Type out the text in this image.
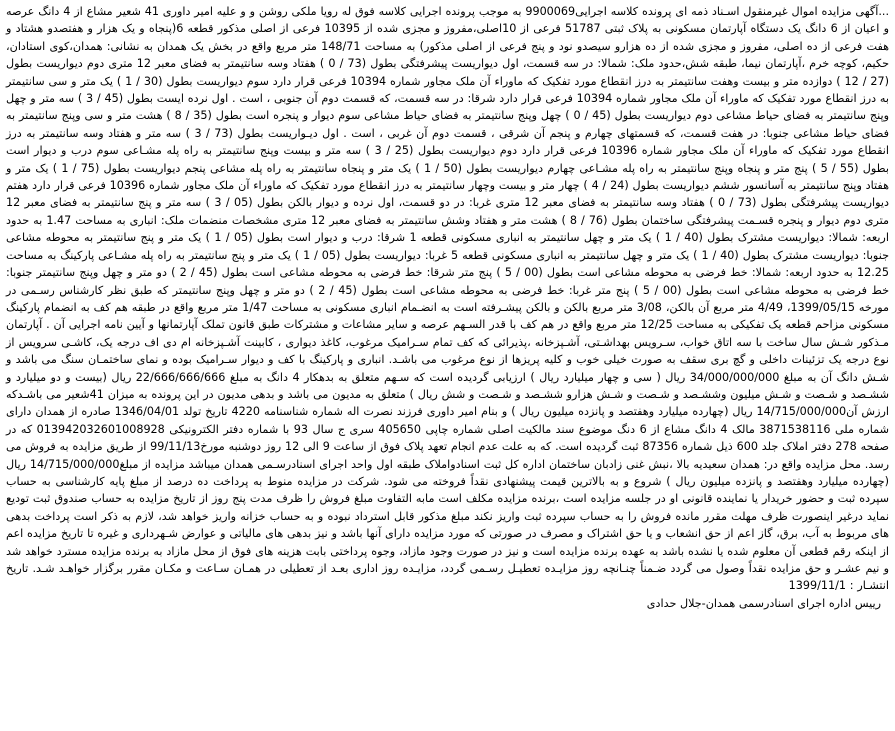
...آگهی مزایده اموال غیرمنقول اسـناد ذمه ای پرونده کلاسه اجرایی9900069 به موجب پرونده اجرایی کلاسه فوق له رویا ملکی روشن و و علیه امیر داوری 41 شعیر مشاع از 4 دانگ عرصه و اعیان از 6 دانگ یک دستگاه آپارتمان مسکونی به پلاک ثبتی 51787 فرعی از 10اصلی،مفروز و مجزی شده از 10395 فرعی از اصلی مذکور قطعه 6(پنجاه و یک هزار و هفتصدو هشتاد و هفت فرعی از ده اصلی، مفروز و مجزی شده از ده هزارو سیصدو نود و پنج فرعی از اصلی مذکور) به مساحت 148/71 متر مربع واقع در بخش یک همدان به نشانی: همدان،کوی استادان، حکیم، کوچه خرم ،آپارتمان نیما، طبقه شش،حدود ملک: شمالا: در سه قسمت، اول دیواریست پیشرفتگی بطول (73 / 0 ) هفتاد وسه سانتیمتر به فضای معبر 12 متری دوم دیواریست بطول (27 / 12 ) دوازده متر و بیست وهفت سانتیمتر به درز انقطاع مورد تفکیک که ماوراء آن ملک مجاور شماره 10394 فرعی قرار دارد سوم دیواریست بطول (30 / 1 ) یک متر و سی سانتیمتر به درز انقطاع مورد تفکیک که ماوراء آن ملک مجاور شماره 10394 فرعی قرار دارد شرقا: در سه قسمت، که قسمت دوم آن جنوبی ، است . اول نرده ایست بطول (45 / 3 ) سه متر و چهل وپنج سانتیمتر به فضای حیاط مشاعی دوم دیواریست بطول (45 / 0 ) چهل وپنج سانتیمتر به فضای حیاط مشاعی سوم دیوار و پنجره است بطول (35 / 8 ) هشت متر و سی وپنج سانتیمتر به فضای حیاط مشاعی جنوبا: در هفت قسمت، که قسمتهای چهارم و پنجم آن شرقی ، قسمت دوم آن غربی ، است . اول دیـواریست بطول (73 / 3 ) سه متر و هفتاد وسه سانتیمتر به درز انقطاع مورد تفکیک که ماوراء آن ملک مجاور شماره 10396 فرعی قرار دارد دوم دیواریست بطول (25 / 3 ) سه متر و بیست وپنج سانتیمتر به راه پله مشـاعی سوم درب و دیوار است بطول (55 / 5 ) پنج متر و پنجاه وپنج سانتیمتر به راه پله مشـاعی چهارم دیواریست بطول (50 / 1 ) یک متر و پنجاه سانتیمتر به راه پله مشاعی پنجم دیواریست بطول (75 / 1 ) یک متر و هفتاد وپنج سانتیمتر به آسانسور ششم دیواریست بطول (24 / 4 ) چهار متر و بیست وچهار سانتیمتر به درز انقطاع مورد تفکیک که ماوراء آن ملک مجاور شماره 10396 فرعی قرار دارد هفتم دیواریست پیشرفتگی بطول (73 / 0 ) هفتاد وسه سانتیمتر به فضای معبر 12 متری غربا: در دو قسمت، اول نرده و دیوار بالکن بطول (05 / 3 ) سه متر و پنج سانتیمتر به فضای معبر 12 متری دوم دیوار و پنجره قسـمت پیشرفتگی ساختمان بطول (76 / 8 ) هشت متر و هفتاد وشش سانتیمتر به فضای معبر 12 متری مشخصات منضمات ملک: انباری به مساحت 1.47 به حدود اربعه: شمالا: دیواریست مشترک بطول (40 / 1 ) یک متر و چهل سانتیمتر به انباری مسکونی قطعه 1 شرقا: درب و دیوار است بطول (05 / 1 ) یک متر و پنج سانتیمتر به محوطه مشاعی جنوبا: دیواریست مشترک بطول (40 / 1 ) یک متر و چهل سانتیمتر به انباری مسکونی قطعه 5 غربا: دیواریست بطول (05 / 1 ) یک متر و پنج سانتیمتر به راه پله مشـاعی پارکینگ به مساحت 12.25 به حدود اربعه: شمالا: خط فرضی به محوطه مشاعی است بطول (00 / 5 ) پنج متر شرقا: خط فرضی به محوطه مشاعی است بطول (45 / 2 ) دو متر و چهل وپنج سانتیمتر جنوبا: خط فرضی به محوطه مشاعی است بطول (00 / 5 ) پنج متر غربا: خط فرضی به محوطه مشاعی است بطول (45 / 2 ) دو متر و چهل وپنج سانتیمتر که طبق نظر کارشناس رسـمی در مورخه 1399/05/15، 4/49 متر مربع آن بالکن، 3/08 متر مربع بالکن و بالکن پیشـرفته است به انضـمام انباری مسکونی به مساحت 1/47 متر مربع واقع در طبقه هم کف به انضمام پارکینگ مسکونی مزاحم قطعه یک تفکیکی به مساحت 12/25 متر مربع واقع در هم کف با قدر السـهم عرصه و سایر مشاعات و مشترکات طبق قانون تملک آپارتمانها و آیین نامه اجرایی آن . آپارتمان مـذکور شـش سال ساخت با سه اتاق خواب، سـرویس بهداشـتی، آشـپزخانه ،پذیرائی که کف تمام سـرامیک مرغوب، کاغذ دیواری ، کابینت آشـپزخانه ام دی اف درجه یک، کاشـی سرویس از نوع درجه یک تزئینات داخلی و گچ بری سقف به صورت خیلی خوب و کلیه پریزها از نوع مرغوب می باشـد. انباری و پارکینگ با کف و دیوار سـرامیک بوده و نمای ساختمـان سنگ می باشد و شـش دانگ آن به مبلغ 34/000/000/000 ریال ( سی و چهار میلیارد ریال ) ارزیابی گردیده است که سـهم متعلق به بدهکار 4 دانگ به مبلغ 22/666/666/666 ریال (بیست و دو میلیارد و ششـصد و شـصت و شـش میلیون وششـصد و شـصت و شـش هزارو ششـصد و شـصت و شش ریال ) متعلق به مدیون می باشد و بدهی مدیون در این پرونده به میزان 41شعیر می باشـدکه ارزش آن14/715/000/000 ریال (چهارده میلیارد وهفتصد و پانزده میلیون ریال ) و بنام امیر داوری فرزند نصرت اله شماره شناسنامه 4220 تاریخ تولد 1346/04/01 صادره از همدان دارای شماره ملی 3871538116 مالک 4 دانگ مشاع از 6 دنگ موضوع سند مالکیت اصلی شماره چاپی 405650 سری ج سال 93 با شماره دفتر الکترونیکی 013942032601008928 که در صفحه 278 دفتر املاک جلد 600 ذیل شماره 87356 ثبت گردیده است. که به علت عدم انجام تعهد پلاک فوق از ساعت 9 الی 12 روز دوشنبه مورخ99/11/13 از طریق مزایده به فروش می رسد. محل مزایده واقع در: همدان سعیدیه بالا ،نبش غنی زادبان ساختمان اداره کل ثبت اسنادواملاک طبقه اول واحد اجرای اسنادرسـمی همدان میباشد مزایده از مبلغ14/715/000/000 ریال (چهارده میلیارد وهفتصد و پانزده میلیون ریال ) شروع و به بالاترین قیمت پیشنهادی نقداً فروخته می شود. شرکت در مزایده منوط به پرداخت ده درصد از مبلغ پایه کارشناسی به حساب سپرده ثبت و حضور خریدار یا نماینده قانونی او در جلسه مزایده است ،برنده مزایده مکلف است مابه التفاوت مبلغ فروش را ظرف مدت پنج روز از تاریخ مزایده به حساب صندوق ثبت تودیع نماید درغیر اینصورت ظرف مهلت مقرر مانده فروش را به حساب سپرده ثبت واریز نکند مبلغ مذکور قابل استرداد نبوده و به حساب خزانه واریز خواهد شد، لازم به ذکر است پرداخت بدهی های مربوط به آب، برق، گاز اعم از حق انشعاب و یا حق اشتراک و مصرف در صورتی که مورد مزایده دارای آنها باشد و نیز بدهی های مالیاتی و عوارض شـهرداری و غیره تا تاریخ مزایده اعم از اینکه رقم قطعی آن معلوم شده یا نشده باشد به عهده برنده مزایده است و نیز در صورت وجود مازاد، وجوه پرداختی بابت هزینه های فوق از محل مازاد به برنده مزایده مسترد خواهد شد و نیم عشـر و حق مزایده نقداً وصول می گردد ضـمناً چنـانچه روز مزایـده تعطیـل رسـمی گردد، مزایـده روز اداری بعـد از تعطیلی در همـان سـاعت و مکـان مقرر برگزار خواهـد شـد. تاریخ انتشـار : 1399/11/1

رییس اداره اجرای اسنادرسمی همدان-جلال حدادی
